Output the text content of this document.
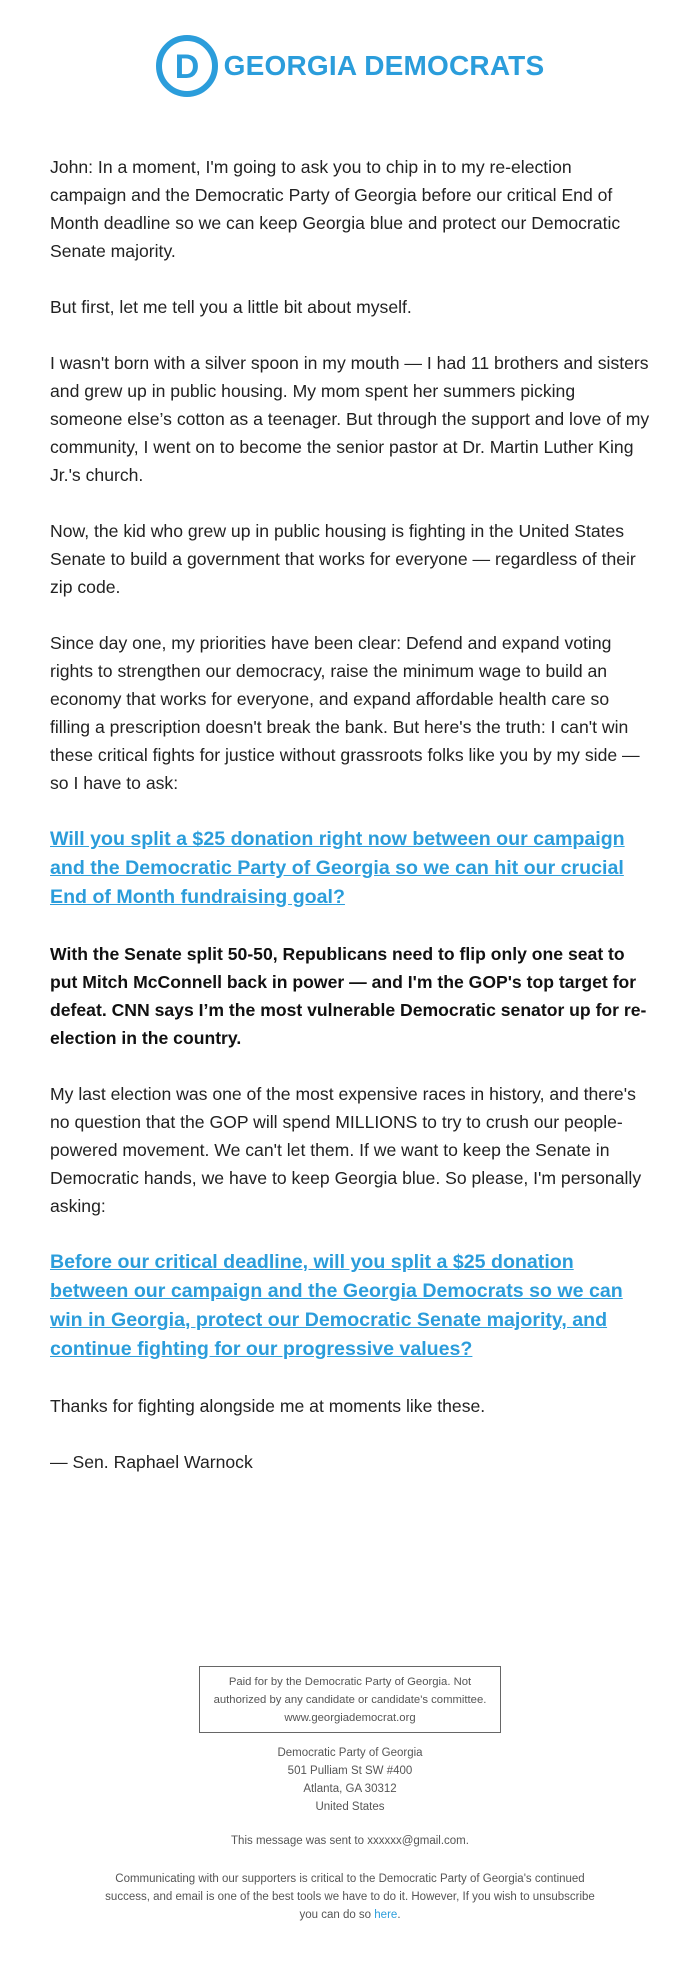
D GEORGIA DEMOCRATS

John: In a moment, I'm going to ask you to chip in to my re-election campaign and the Democratic Party of Georgia before our critical End of Month deadline so we can keep Georgia blue and protect our Democratic Senate majority.

But first, let me tell you a little bit about myself.

I wasn't born with a silver spoon in my mouth — I had 11 brothers and sisters and grew up in public housing. My mom spent her summers picking someone else’s cotton as a teenager. But through the support and love of my community, I went on to become the senior pastor at Dr. Martin Luther King Jr.'s church.

Now, the kid who grew up in public housing is fighting in the United States Senate to build a government that works for everyone — regardless of their zip code.

Since day one, my priorities have been clear: Defend and expand voting rights to strengthen our democracy, raise the minimum wage to build an economy that works for everyone, and expand affordable health care so filling a prescription doesn't break the bank. But here's the truth: I can't win these critical fights for justice without grassroots folks like you by my side — so I have to ask:

Will you split a $25 donation right now between our campaign and the Democratic Party of Georgia so we can hit our crucial End of Month fundraising goal?

With the Senate split 50-50, Republicans need to flip only one seat to put Mitch McConnell back in power — and I'm the GOP's top target for defeat. CNN says I’m the most vulnerable Democratic senator up for re-election in the country.

My last election was one of the most expensive races in history, and there's no question that the GOP will spend MILLIONS to try to crush our people-powered movement. We can't let them. If we want to keep the Senate in Democratic hands, we have to keep Georgia blue. So please, I'm personally asking:

Before our critical deadline, will you split a $25 donation between our campaign and the Georgia Democrats so we can win in Georgia, protect our Democratic Senate majority, and continue fighting for our progressive values?

Thanks for fighting alongside me at moments like these.

— Sen. Raphael Warnock

Paid for by the Democratic Party of Georgia. Not
authorized by any candidate or candidate's committee.
www.georgiademocrat.org
Democratic Party of Georgia
501 Pulliam St SW #400
Atlanta, GA 30312
United States
This message was sent to xxxxxx@gmail.com.
Communicating with our supporters is critical to the Democratic Party of Georgia's continued success, and email is one of the best tools we have to do it. However, If you wish to unsubscribe you can do so here.
